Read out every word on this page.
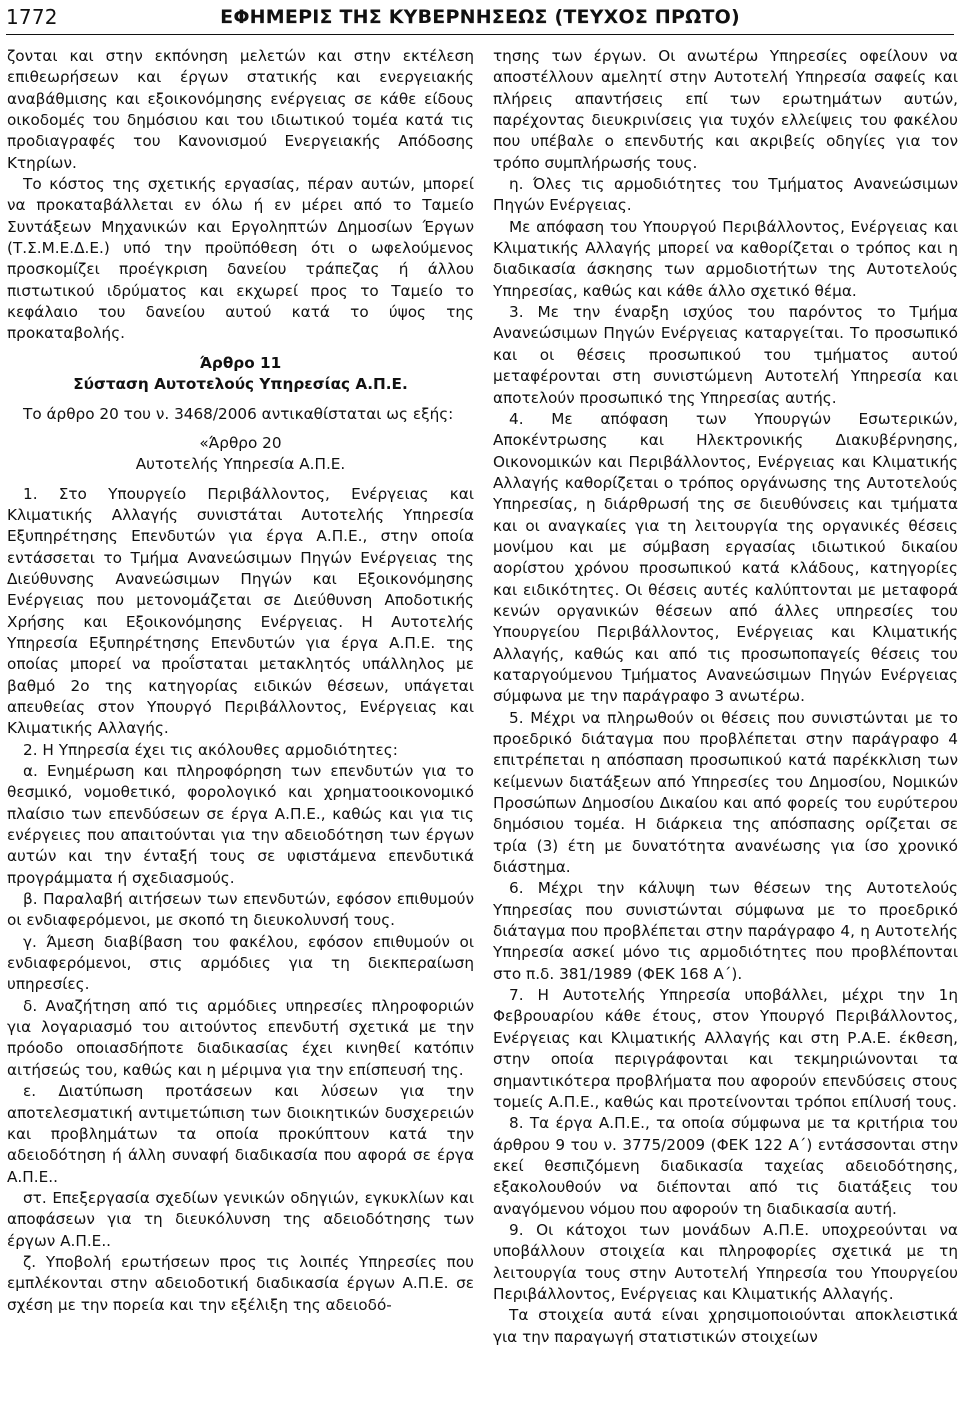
1772	ΕΦΗΜΕΡΙΣ ΤΗΣ ΚΥΒΕΡΝΗΣΕΩΣ (ΤΕΥΧΟΣ ΠΡΩΤΟ)

ζονται και στην εκπόνηση μελετών και στην εκτέλεση επιθεωρήσεων και έργων στατικής και ενεργειακής αναβάθμισης και εξοικονόμησης ενέργειας σε κάθε είδους οικοδομές του δημόσιου και του ιδιωτικού τομέα κατά τις προδιαγραφές του Κανονισμού Ενεργειακής Απόδοσης Κτηρίων.

Το κόστος της σχετικής εργασίας, πέραν αυτών, μπορεί να προκαταβάλλεται εν όλω ή εν μέρει από το Ταμείο Συντάξεων Μηχανικών και Εργοληπτών Δημοσίων Έργων (Τ.Σ.Μ.Ε.Δ.Ε.) υπό την προϋπόθεση ότι ο ωφελούμενος προσκομίζει προέγκριση δανείου τράπεζας ή άλλου πιστωτικού ιδρύματος και εκχωρεί προς το Ταμείο το κεφάλαιο του δανείου αυτού κατά το ύψος της προκαταβολής.

Άρθρο 11

Σύσταση Αυτοτελούς Υπηρεσίας Α.Π.Ε.

Το άρθρο 20 του ν. 3468/2006 αντικαθίσταται ως εξής:

«Άρθρο 20

Αυτοτελής Υπηρεσία Α.Π.Ε.

1. Στο Υπουργείο Περιβάλλοντος, Ενέργειας και Κλιματικής Αλλαγής συνιστάται Αυτοτελής Υπηρεσία Εξυπηρέτησης Επενδυτών για έργα Α.Π.Ε., στην οποία εντάσσεται το Τμήμα Ανανεώσιμων Πηγών Ενέργειας της Διεύθυνσης Ανανεώσιμων Πηγών και Εξοικονόμησης Ενέργειας που μετονομάζεται σε Διεύθυνση Αποδοτικής Χρήσης και Εξοικονόμησης Ενέργειας. Η Αυτοτελής Υπηρεσία Εξυπηρέτησης Επενδυτών για έργα Α.Π.Ε. της οποίας μπορεί να προΐσταται μετακλητός υπάλληλος με βαθμό 2ο της κατηγορίας ειδικών θέσεων, υπάγεται απευθείας στον Υπουργό Περιβάλλοντος, Ενέργειας και Κλιματικής Αλλαγής.

2. Η Υπηρεσία έχει τις ακόλουθες αρμοδιότητες:

α. Ενημέρωση και πληροφόρηση των επενδυτών για το θεσμικό, νομοθετικό, φορολογικό και χρηματοοικονομικό πλαίσιο των επενδύσεων σε έργα Α.Π.Ε., καθώς και για τις ενέργειες που απαιτούνται για την αδειοδότηση των έργων αυτών και την ένταξή τους σε υφιστάμενα επενδυτικά προγράμματα ή σχεδιασμούς.

β. Παραλαβή αιτήσεων των επενδυτών, εφόσον επιθυμούν οι ενδιαφερόμενοι, με σκοπό τη διευκολυνσή τους.

γ. Άμεση διαβίβαση του φακέλου, εφόσον επιθυμούν οι ενδιαφερόμενοι, στις αρμόδιες για τη διεκπεραίωση υπηρεσίες.

δ. Αναζήτηση από τις αρμόδιες υπηρεσίες πληροφοριών για λογαριασμό του αιτούντος επενδυτή σχετικά με την πρόοδο οποιασδήποτε διαδικασίας έχει κινηθεί κατόπιν αιτήσεώς του, καθώς και η μέριμνα για την επίσπευσή της.

ε. Διατύπωση προτάσεων και λύσεων για την αποτελεσματική αντιμετώπιση των διοικητικών δυσχερειών και προβλημάτων τα οποία προκύπτουν κατά την αδειοδότηση ή άλλη συναφή διαδικασία που αφορά σε έργα Α.Π.Ε..

στ. Επεξεργασία σχεδίων γενικών οδηγιών, εγκυκλίων και αποφάσεων για τη διευκόλυνση της αδειοδότησης των έργων Α.Π.Ε..

ζ. Υποβολή ερωτήσεων προς τις λοιπές Υπηρεσίες που εμπλέκονται στην αδειοδοτική διαδικασία έργων Α.Π.Ε. σε σχέση με την πορεία και την εξέλιξη της αδειοδό-

τησης των έργων. Οι ανωτέρω Υπηρεσίες οφείλουν να αποστέλλουν αμελητί στην Αυτοτελή Υπηρεσία σαφείς και πλήρεις απαντήσεις επί των ερωτημάτων αυτών, παρέχοντας διευκρινίσεις για τυχόν ελλείψεις του φακέλου που υπέβαλε ο επενδυτής και ακριβείς οδηγίες για τον τρόπο συμπλήρωσής τους.

η. Όλες τις αρμοδιότητες του Τμήματος Ανανεώσιμων Πηγών Ενέργειας.

Με απόφαση του Υπουργού Περιβάλλοντος, Ενέργειας και Κλιματικής Αλλαγής μπορεί να καθορίζεται ο τρόπος και η διαδικασία άσκησης των αρμοδιοτήτων της Αυτοτελούς Υπηρεσίας, καθώς και κάθε άλλο σχετικό θέμα.

3. Με την έναρξη ισχύος του παρόντος το Τμήμα Ανανεώσιμων Πηγών Ενέργειας καταργείται. Το προσωπικό και οι θέσεις προσωπικού του τμήματος αυτού μεταφέρονται στη συνιστώμενη Αυτοτελή Υπηρεσία και αποτελούν προσωπικό της Υπηρεσίας αυτής.

4. Με απόφαση των Υπουργών Εσωτερικών, Αποκέντρωσης και Ηλεκτρονικής Διακυβέρνησης, Οικονομικών και Περιβάλλοντος, Ενέργειας και Κλιματικής Αλλαγής καθορίζεται ο τρόπος οργάνωσης της Αυτοτελούς Υπηρεσίας, η διάρθρωσή της σε διευθύνσεις και τμήματα και οι αναγκαίες για τη λειτουργία της οργανικές θέσεις μονίμου και με σύμβαση εργασίας ιδιωτικού δικαίου αορίστου χρόνου προσωπικού κατά κλάδους, κατηγορίες και ειδικότητες. Οι θέσεις αυτές καλύπτονται με μεταφορά κενών οργανικών θέσεων από άλλες υπηρεσίες του Υπουργείου Περιβάλλοντος, Ενέργειας και Κλιματικής Αλλαγής, καθώς και από τις προσωποπαγείς θέσεις του καταργούμενου Τμήματος Ανανεώσιμων Πηγών Ενέργειας σύμφωνα με την παράγραφο 3 ανωτέρω.

5. Μέχρι να πληρωθούν οι θέσεις που συνιστώνται με το προεδρικό διάταγμα που προβλέπεται στην παράγραφο 4 επιτρέπεται η απόσπαση προσωπικού κατά παρέκκλιση των κείμενων διατάξεων από Υπηρεσίες του Δημοσίου, Νομικών Προσώπων Δημοσίου Δικαίου και από φορείς του ευρύτερου δημόσιου τομέα. Η διάρκεια της απόσπασης ορίζεται σε τρία (3) έτη με δυνατότητα ανανέωσης για ίσο χρονικό διάστημα.

6. Μέχρι την κάλυψη των θέσεων της Αυτοτελούς Υπηρεσίας που συνιστώνται σύμφωνα με το προεδρικό διάταγμα που προβλέπεται στην παράγραφο 4, η Αυτοτελής Υπηρεσία ασκεί μόνο τις αρμοδιότητες που προβλέπονται στο π.δ. 381/1989 (ΦΕΚ 168 Α΄).

7. Η Αυτοτελής Υπηρεσία υποβάλλει, μέχρι την 1η Φεβρουαρίου κάθε έτους, στον Υπουργό Περιβάλλοντος, Ενέργειας και Κλιματικής Αλλαγής και στη Ρ.Α.Ε. έκθεση, στην οποία περιγράφονται και τεκμηριώνονται τα σημαντικότερα προβλήματα που αφορούν επενδύσεις στους τομείς Α.Π.Ε., καθώς και προτείνονται τρόποι επίλυσή τους.

8. Τα έργα Α.Π.Ε., τα οποία σύμφωνα με τα κριτήρια του άρθρου 9 του ν. 3775/2009 (ΦΕΚ 122 Α΄) εντάσσονται στην εκεί θεσπιζόμενη διαδικασία ταχείας αδειοδότησης, εξακολουθούν να διέπονται από τις διατάξεις του αναγόμενου νόμου που αφορούν τη διαδικασία αυτή.

9. Οι κάτοχοι των μονάδων Α.Π.Ε. υποχρεούνται να υποβάλλουν στοιχεία και πληροφορίες σχετικά με τη λειτουργία τους στην Αυτοτελή Υπηρεσία του Υπουργείου Περιβάλλοντος, Ενέργειας και Κλιματικής Αλλαγής.

Τα στοιχεία αυτά είναι χρησιμοποιούνται αποκλειστικά για την παραγωγή στατιστικών στοιχείων
